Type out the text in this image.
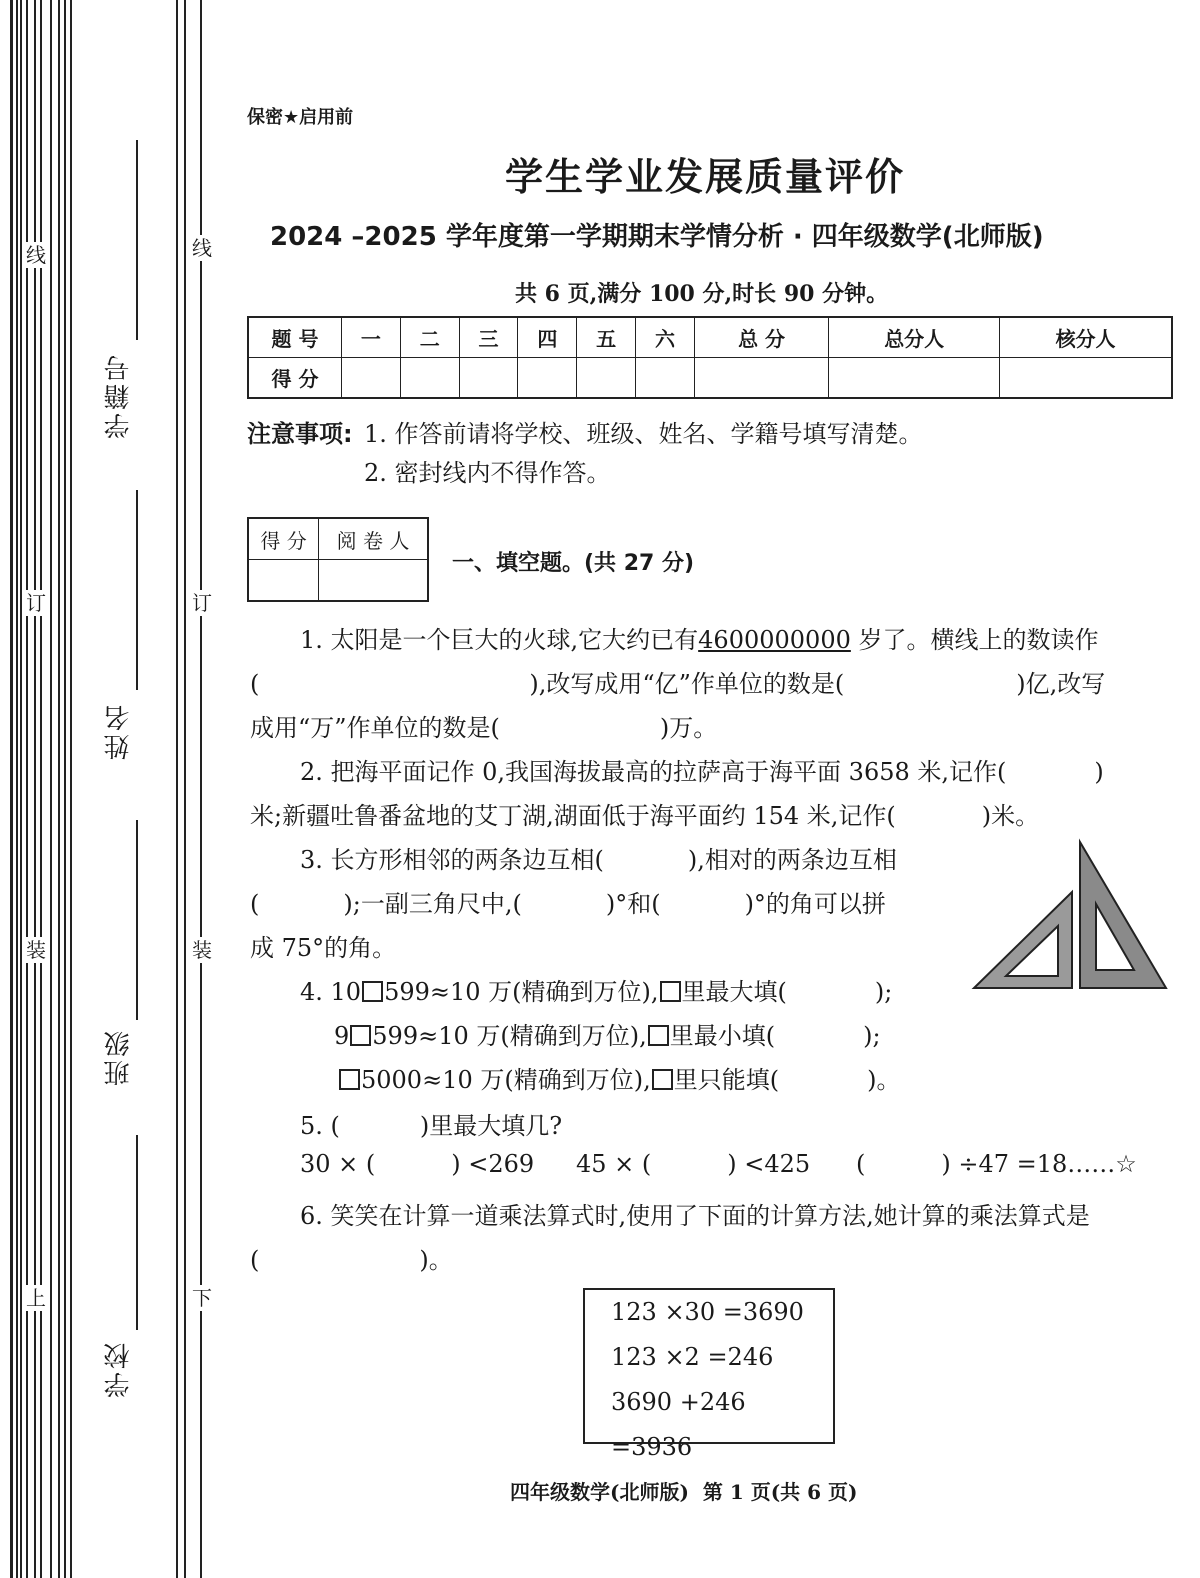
线
订
装
上
线
订
装
下
学籍号
姓名
班级
学校
保密★启用前
学生学业发展质量评价
2024 –2025 学年度第一学期期末学情分析 · 四年级数学(北师版)
共 6 页,满分 100 分,时长 90 分钟。
题 号	一	二	三	四	五	六	总 分	总分人	核分人
得 分									
注意事项: 1. 作答前请将学校、班级、姓名、学籍号填写清楚。
2. 密封线内不得作答。
得 分	阅 卷 人

一、填空题。(共 27 分)
1. 太阳是一个巨大的火球,它大约已有4600000000 岁了。横线上的数读作
(	),改写成用“亿”作单位的数是(	)亿,改写
成用“万”作单位的数是(	)万。
2. 把海平面记作 0,我国海拔最高的拉萨高于海平面 3658 米,记作(	)
米;新疆吐鲁番盆地的艾丁湖,湖面低于海平面约 154 米,记作(	)米。
3. 长方形相邻的两条边互相(	),相对的两条边互相
(	);一副三角尺中,(	)°和(	)°的角可以拼
成 75°的角。
4. 10 599≈10 万(精确到万位), 里最大填(	);
9 599≈10 万(精确到万位), 里最小填(	);
5000≈10 万(精确到万位), 里只能填(	)。
5. (	)里最大填几?
30 × (	) <269 45 × (	) <425 (	) ÷47 =18……☆
6. 笑笑在计算一道乘法算式时,使用了下面的计算方法,她计算的乘法算式是
(	)。
123 ×30 =3690
123 ×2 =246
3690 +246 =3936
四年级数学(北师版)  第 1 页(共 6 页)
